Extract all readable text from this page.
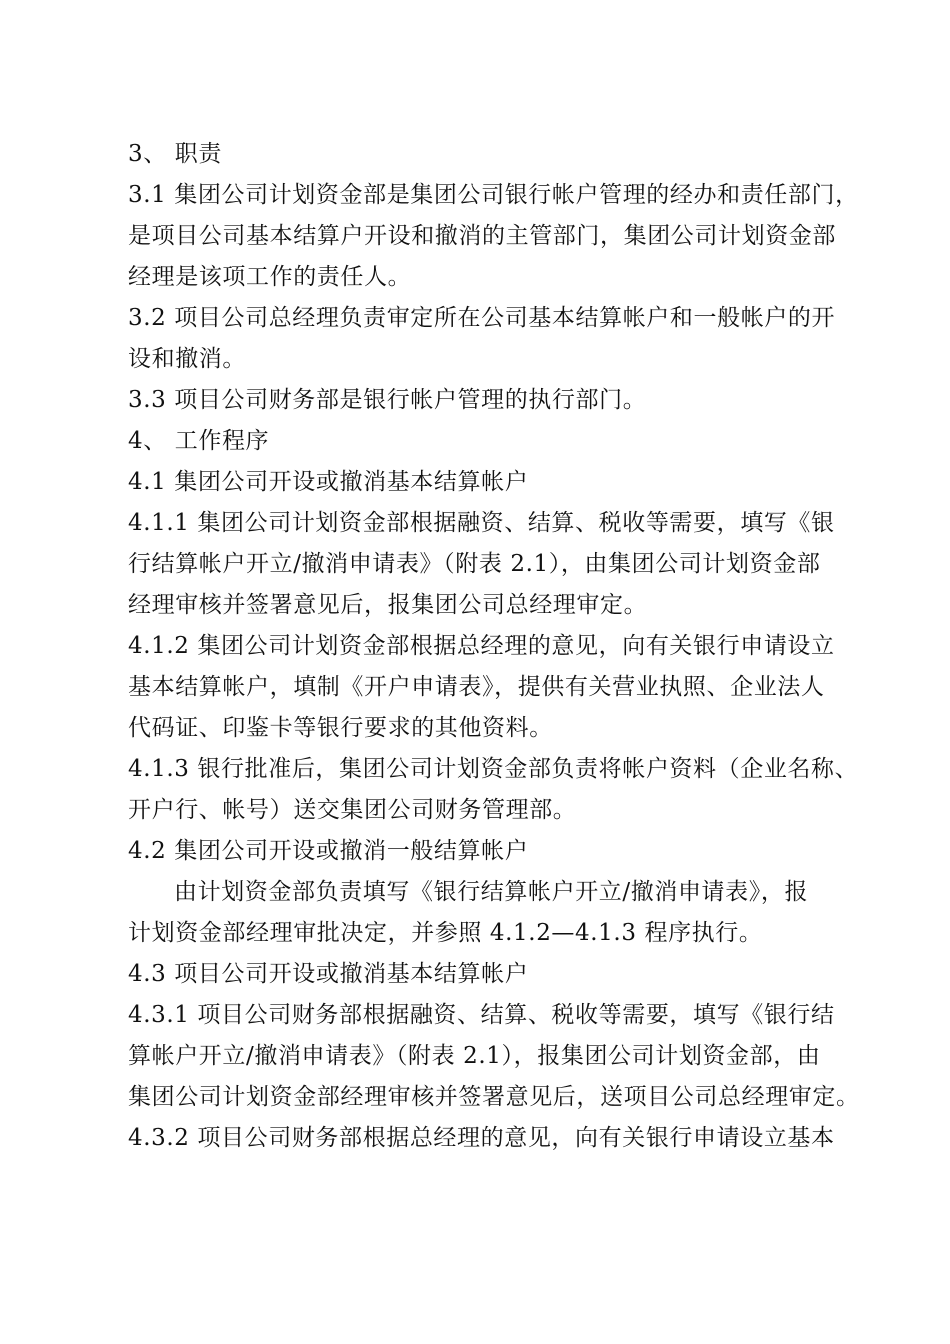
3、 职责
3.1 集团公司计划资金部是集团公司银行帐户管理的经办和责任部门，
是项目公司基本结算户开设和撤消的主管部门，集团公司计划资金部
经理是该项工作的责任人。
3.2 项目公司总经理负责审定所在公司基本结算帐户和一般帐户的开
设和撤消。
3.3 项目公司财务部是银行帐户管理的执行部门。
4、 工作程序
4.1 集团公司开设或撤消基本结算帐户
4.1.1 集团公司计划资金部根据融资、结算、税收等需要，填写《银
行结算帐户开立/撤消申请表》（附表 2.1），由集团公司计划资金部
经理审核并签署意见后，报集团公司总经理审定。
4.1.2 集团公司计划资金部根据总经理的意见，向有关银行申请设立
基本结算帐户，填制《开户申请表》，提供有关营业执照、企业法人
代码证、印鉴卡等银行要求的其他资料。
4.1.3 银行批准后，集团公司计划资金部负责将帐户资料（企业名称、
开户行、帐号）送交集团公司财务管理部。
4.2 集团公司开设或撤消一般结算帐户
由计划资金部负责填写《银行结算帐户开立/撤消申请表》，报
计划资金部经理审批决定，并参照 4.1.2—4.1.3 程序执行。
4.3 项目公司开设或撤消基本结算帐户
4.3.1 项目公司财务部根据融资、结算、税收等需要，填写《银行结
算帐户开立/撤消申请表》（附表 2.1），报集团公司计划资金部，由
集团公司计划资金部经理审核并签署意见后，送项目公司总经理审定。
4.3.2 项目公司财务部根据总经理的意见，向有关银行申请设立基本
